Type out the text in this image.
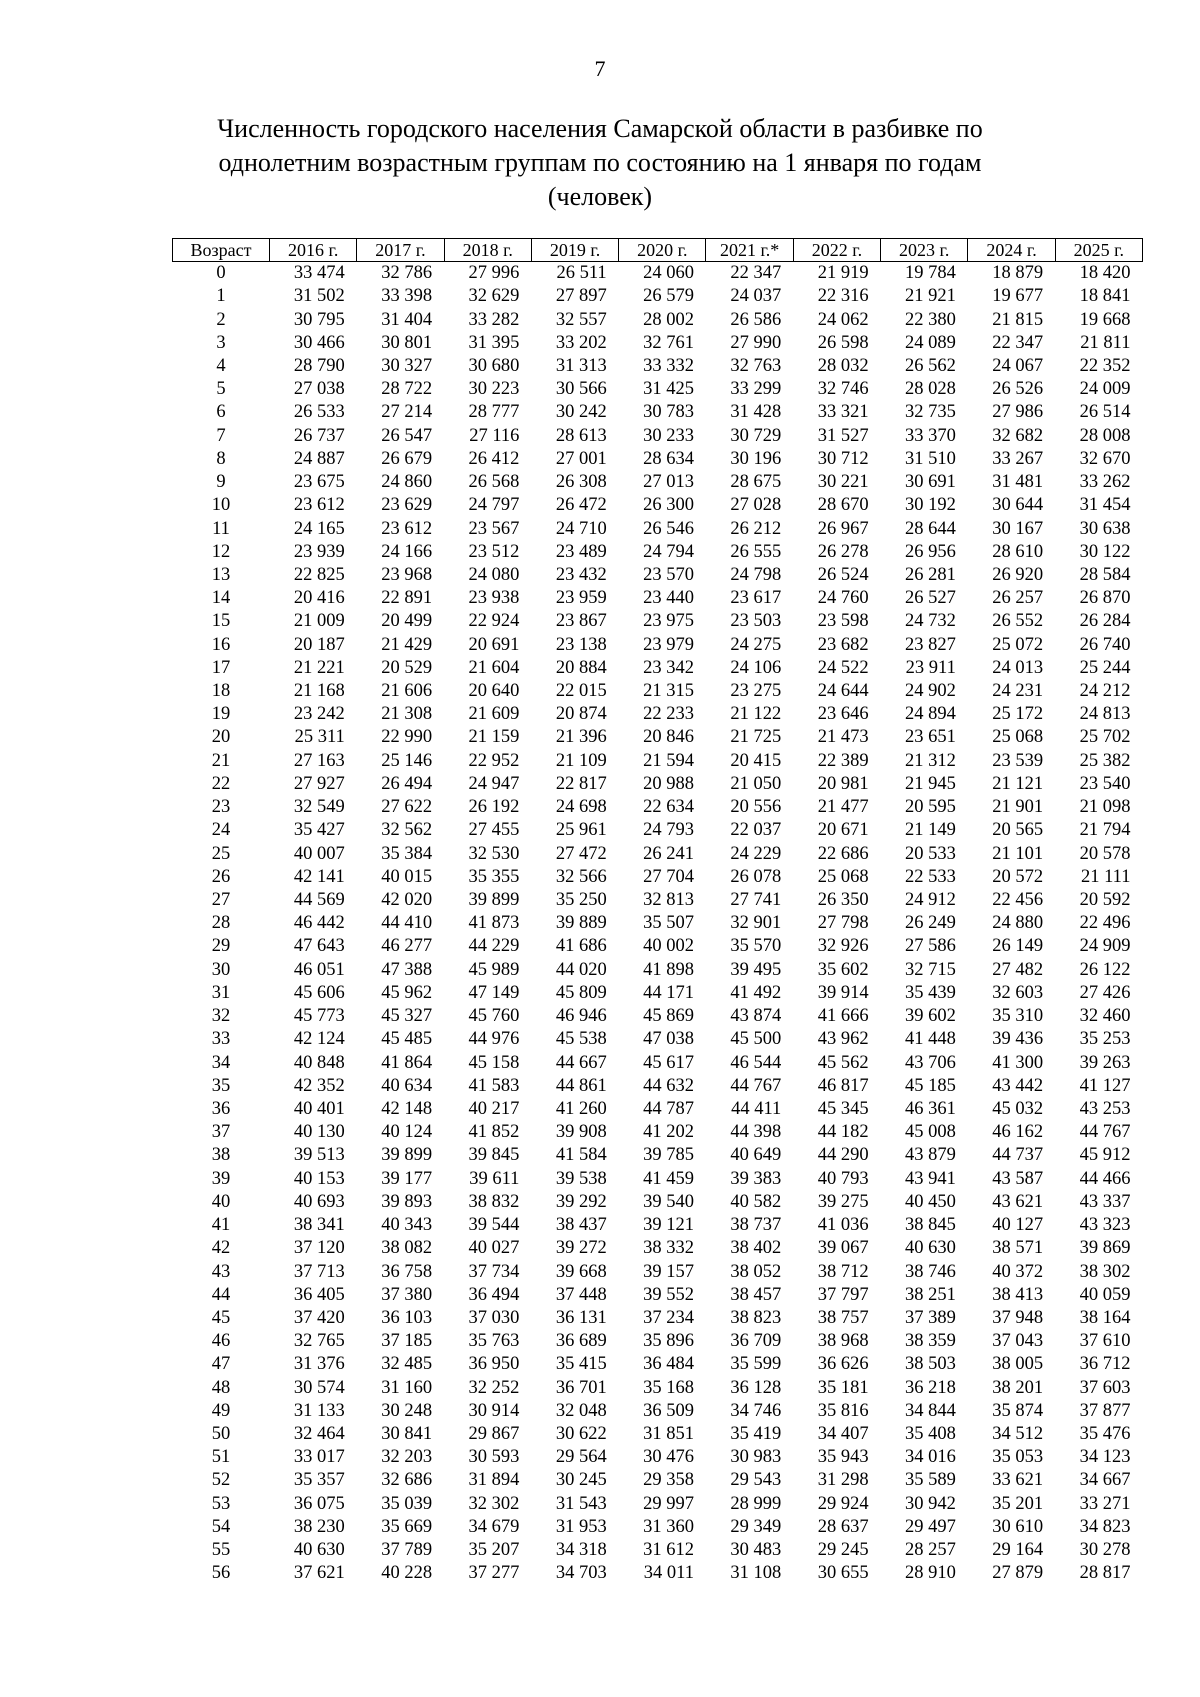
7
Численность городского населения Самарской области в разбивке по
однолетним возрастным группам по состоянию на 1 января по годам
(человек)
Возраст	2016 г.	2017 г.	2018 г.	2019 г.	2020 г.	2021 г.*	2022 г.	2023 г.	2024 г.	2025 г.
0	33 474	32 786	27 996	26 511	24 060	22 347	21 919	19 784	18 879	18 420
1	31 502	33 398	32 629	27 897	26 579	24 037	22 316	21 921	19 677	18 841
2	30 795	31 404	33 282	32 557	28 002	26 586	24 062	22 380	21 815	19 668
3	30 466	30 801	31 395	33 202	32 761	27 990	26 598	24 089	22 347	21 811
4	28 790	30 327	30 680	31 313	33 332	32 763	28 032	26 562	24 067	22 352
5	27 038	28 722	30 223	30 566	31 425	33 299	32 746	28 028	26 526	24 009
6	26 533	27 214	28 777	30 242	30 783	31 428	33 321	32 735	27 986	26 514
7	26 737	26 547	27 116	28 613	30 233	30 729	31 527	33 370	32 682	28 008
8	24 887	26 679	26 412	27 001	28 634	30 196	30 712	31 510	33 267	32 670
9	23 675	24 860	26 568	26 308	27 013	28 675	30 221	30 691	31 481	33 262
10	23 612	23 629	24 797	26 472	26 300	27 028	28 670	30 192	30 644	31 454
11	24 165	23 612	23 567	24 710	26 546	26 212	26 967	28 644	30 167	30 638
12	23 939	24 166	23 512	23 489	24 794	26 555	26 278	26 956	28 610	30 122
13	22 825	23 968	24 080	23 432	23 570	24 798	26 524	26 281	26 920	28 584
14	20 416	22 891	23 938	23 959	23 440	23 617	24 760	26 527	26 257	26 870
15	21 009	20 499	22 924	23 867	23 975	23 503	23 598	24 732	26 552	26 284
16	20 187	21 429	20 691	23 138	23 979	24 275	23 682	23 827	25 072	26 740
17	21 221	20 529	21 604	20 884	23 342	24 106	24 522	23 911	24 013	25 244
18	21 168	21 606	20 640	22 015	21 315	23 275	24 644	24 902	24 231	24 212
19	23 242	21 308	21 609	20 874	22 233	21 122	23 646	24 894	25 172	24 813
20	25 311	22 990	21 159	21 396	20 846	21 725	21 473	23 651	25 068	25 702
21	27 163	25 146	22 952	21 109	21 594	20 415	22 389	21 312	23 539	25 382
22	27 927	26 494	24 947	22 817	20 988	21 050	20 981	21 945	21 121	23 540
23	32 549	27 622	26 192	24 698	22 634	20 556	21 477	20 595	21 901	21 098
24	35 427	32 562	27 455	25 961	24 793	22 037	20 671	21 149	20 565	21 794
25	40 007	35 384	32 530	27 472	26 241	24 229	22 686	20 533	21 101	20 578
26	42 141	40 015	35 355	32 566	27 704	26 078	25 068	22 533	20 572	21 111
27	44 569	42 020	39 899	35 250	32 813	27 741	26 350	24 912	22 456	20 592
28	46 442	44 410	41 873	39 889	35 507	32 901	27 798	26 249	24 880	22 496
29	47 643	46 277	44 229	41 686	40 002	35 570	32 926	27 586	26 149	24 909
30	46 051	47 388	45 989	44 020	41 898	39 495	35 602	32 715	27 482	26 122
31	45 606	45 962	47 149	45 809	44 171	41 492	39 914	35 439	32 603	27 426
32	45 773	45 327	45 760	46 946	45 869	43 874	41 666	39 602	35 310	32 460
33	42 124	45 485	44 976	45 538	47 038	45 500	43 962	41 448	39 436	35 253
34	40 848	41 864	45 158	44 667	45 617	46 544	45 562	43 706	41 300	39 263
35	42 352	40 634	41 583	44 861	44 632	44 767	46 817	45 185	43 442	41 127
36	40 401	42 148	40 217	41 260	44 787	44 411	45 345	46 361	45 032	43 253
37	40 130	40 124	41 852	39 908	41 202	44 398	44 182	45 008	46 162	44 767
38	39 513	39 899	39 845	41 584	39 785	40 649	44 290	43 879	44 737	45 912
39	40 153	39 177	39 611	39 538	41 459	39 383	40 793	43 941	43 587	44 466
40	40 693	39 893	38 832	39 292	39 540	40 582	39 275	40 450	43 621	43 337
41	38 341	40 343	39 544	38 437	39 121	38 737	41 036	38 845	40 127	43 323
42	37 120	38 082	40 027	39 272	38 332	38 402	39 067	40 630	38 571	39 869
43	37 713	36 758	37 734	39 668	39 157	38 052	38 712	38 746	40 372	38 302
44	36 405	37 380	36 494	37 448	39 552	38 457	37 797	38 251	38 413	40 059
45	37 420	36 103	37 030	36 131	37 234	38 823	38 757	37 389	37 948	38 164
46	32 765	37 185	35 763	36 689	35 896	36 709	38 968	38 359	37 043	37 610
47	31 376	32 485	36 950	35 415	36 484	35 599	36 626	38 503	38 005	36 712
48	30 574	31 160	32 252	36 701	35 168	36 128	35 181	36 218	38 201	37 603
49	31 133	30 248	30 914	32 048	36 509	34 746	35 816	34 844	35 874	37 877
50	32 464	30 841	29 867	30 622	31 851	35 419	34 407	35 408	34 512	35 476
51	33 017	32 203	30 593	29 564	30 476	30 983	35 943	34 016	35 053	34 123
52	35 357	32 686	31 894	30 245	29 358	29 543	31 298	35 589	33 621	34 667
53	36 075	35 039	32 302	31 543	29 997	28 999	29 924	30 942	35 201	33 271
54	38 230	35 669	34 679	31 953	31 360	29 349	28 637	29 497	30 610	34 823
55	40 630	37 789	35 207	34 318	31 612	30 483	29 245	28 257	29 164	30 278
56	37 621	40 228	37 277	34 703	34 011	31 108	30 655	28 910	27 879	28 817
